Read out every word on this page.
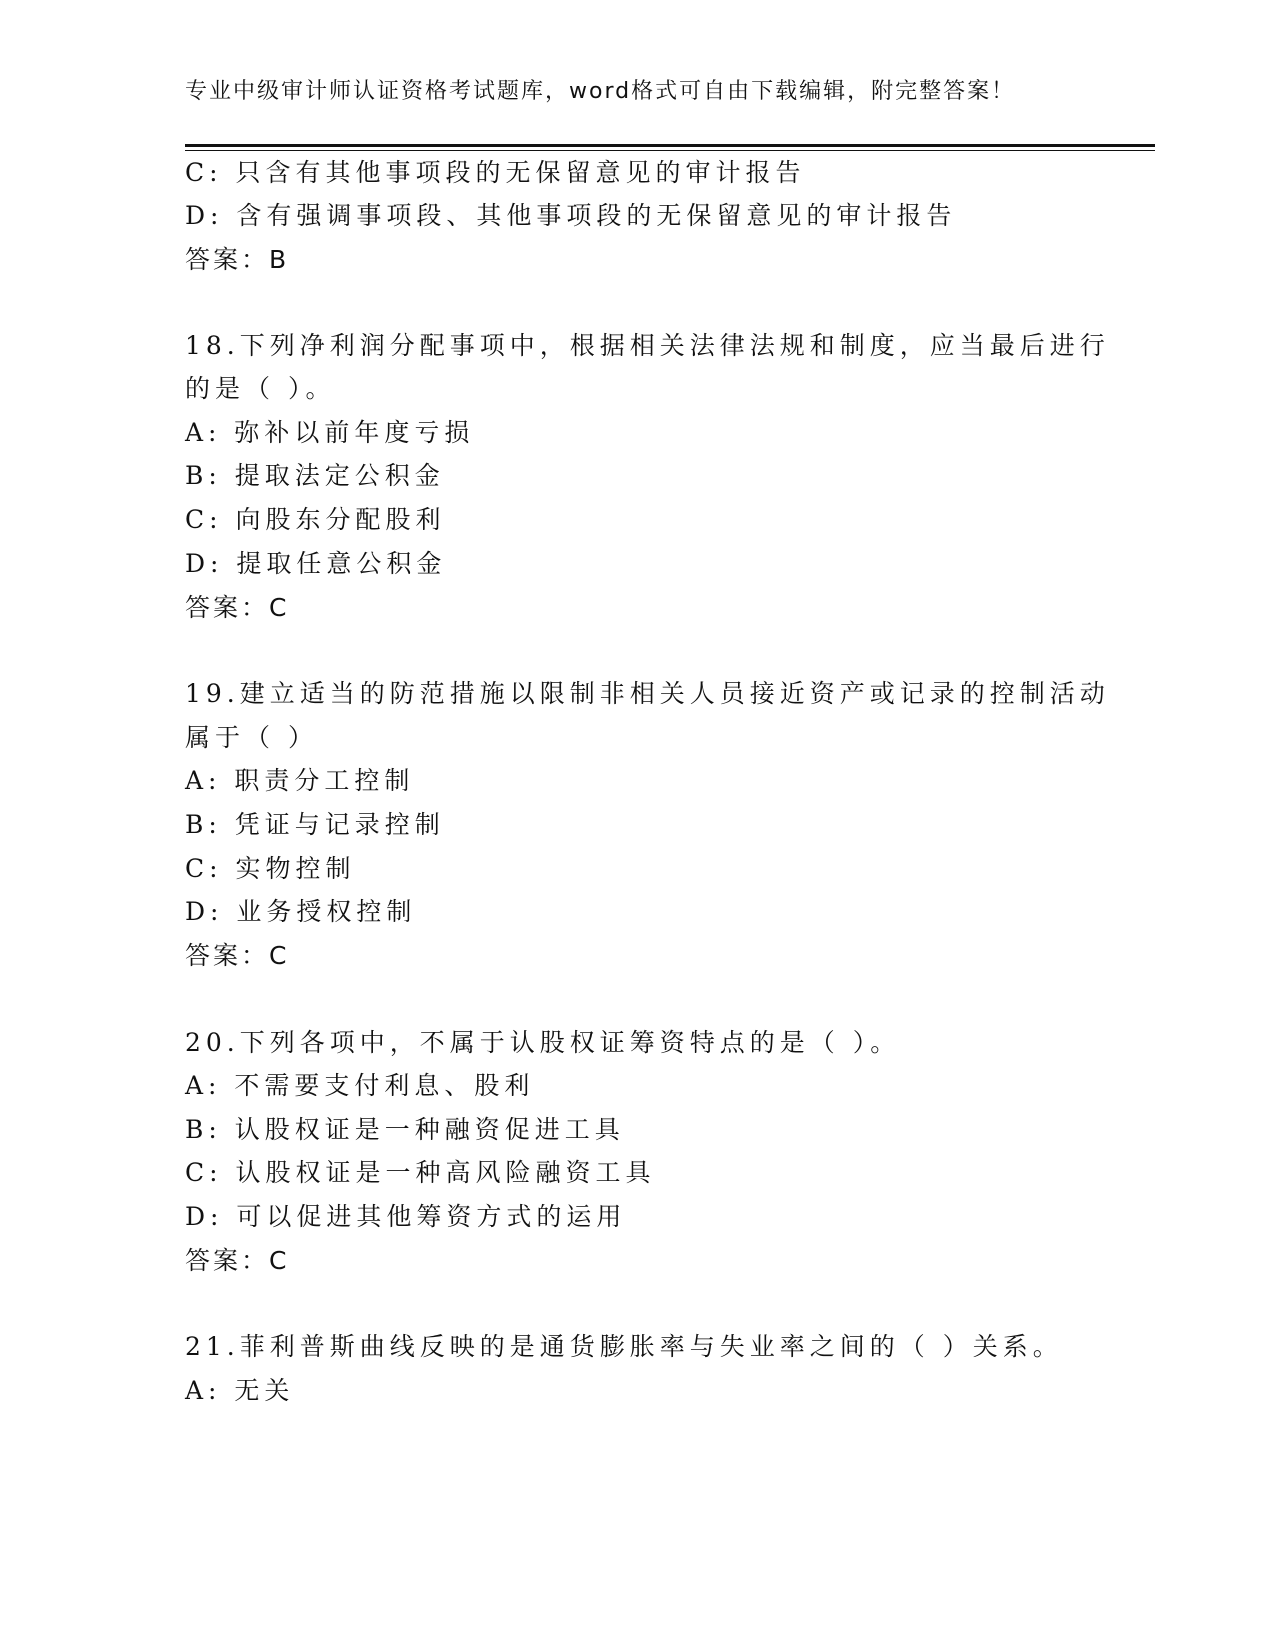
专业中级审计师认证资格考试题库，word格式可自由下载编辑，附完整答案！
C: 只含有其他事项段的无保留意见的审计报告
D: 含有强调事项段、其他事项段的无保留意见的审计报告
答案：B
18.下列净利润分配事项中，根据相关法律法规和制度，应当最后进行
的是（ ）。
A: 弥补以前年度亏损
B: 提取法定公积金
C: 向股东分配股利
D: 提取任意公积金
答案：C
19.建立适当的防范措施以限制非相关人员接近资产或记录的控制活动
属于（ ）
A: 职责分工控制
B: 凭证与记录控制
C: 实物控制
D: 业务授权控制
答案：C
20.下列各项中，不属于认股权证筹资特点的是（ ）。
A: 不需要支付利息、股利
B: 认股权证是一种融资促进工具
C: 认股权证是一种高风险融资工具
D: 可以促进其他筹资方式的运用
答案：C
21.菲利普斯曲线反映的是通货膨胀率与失业率之间的（ ）关系。
A: 无关
